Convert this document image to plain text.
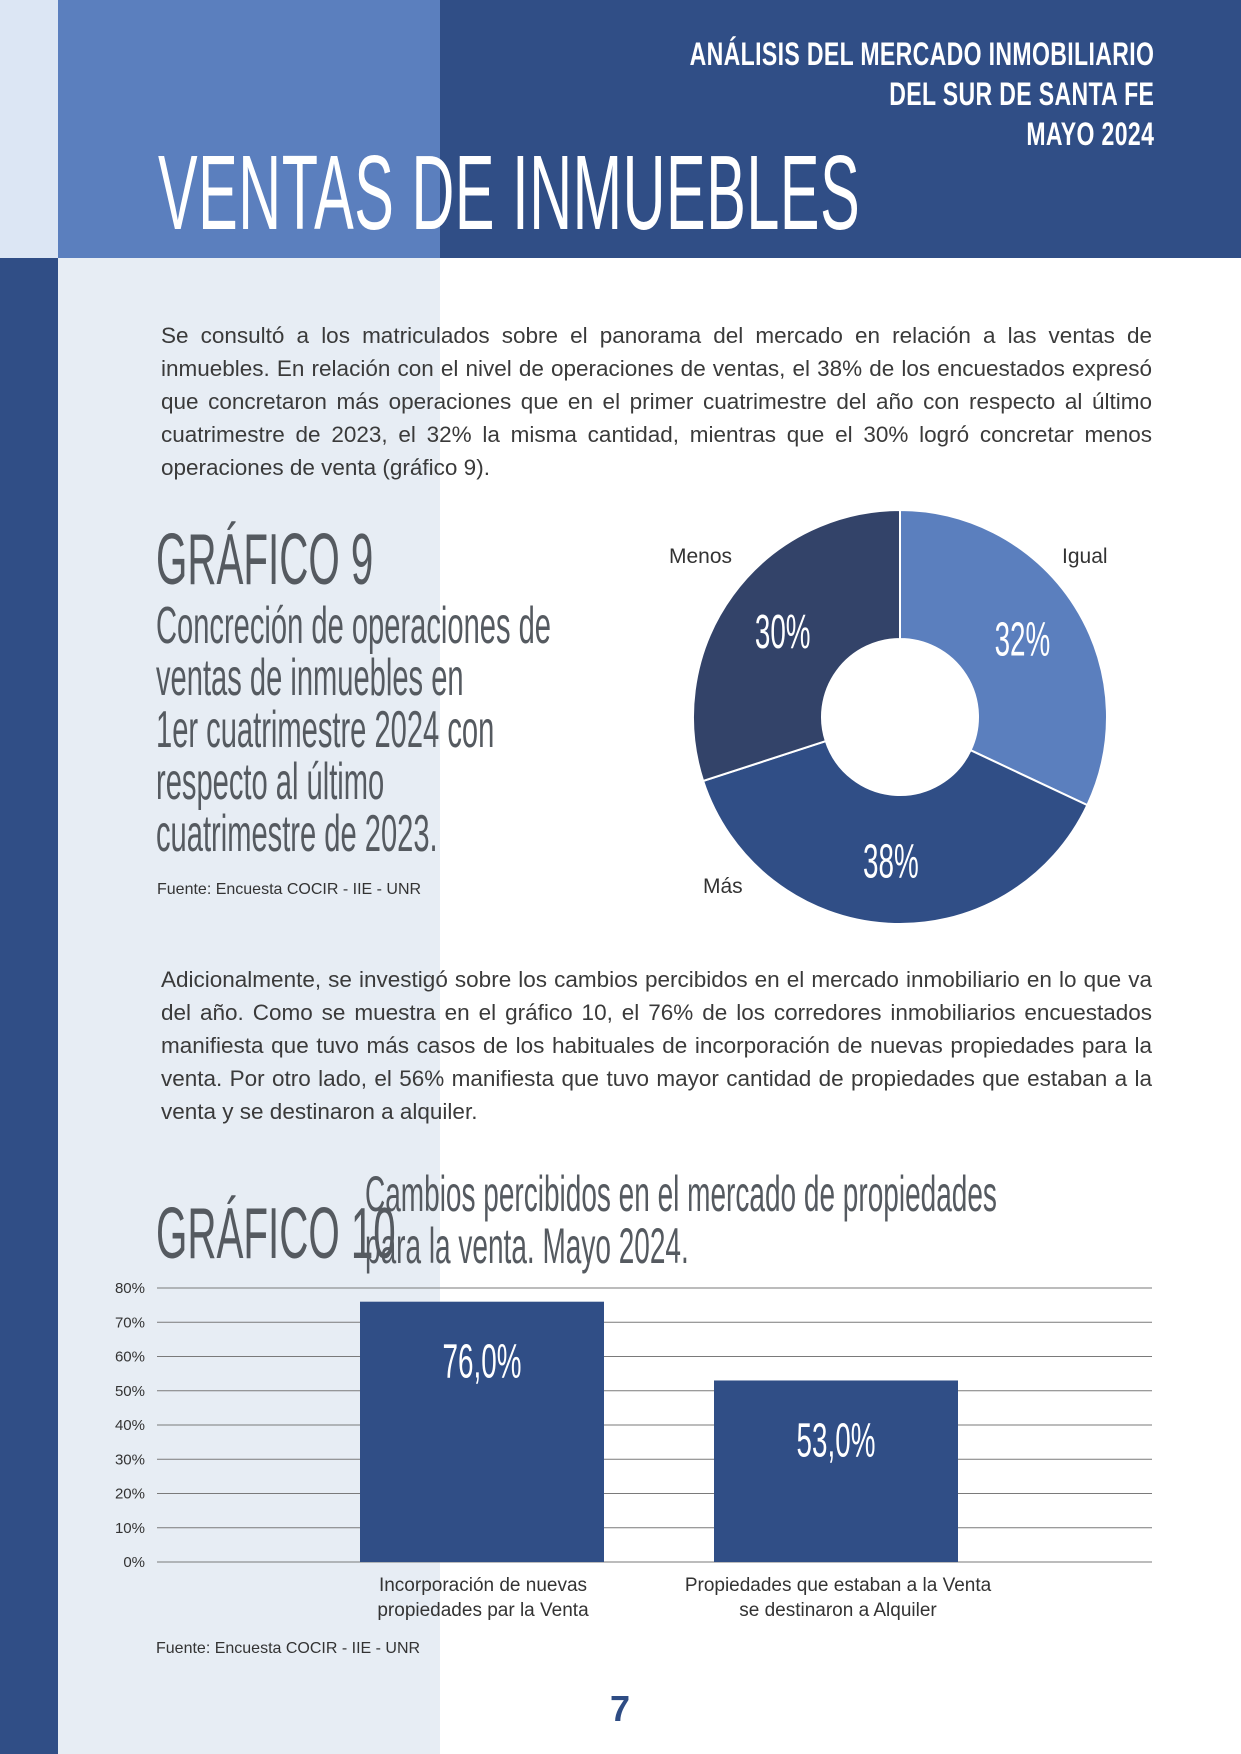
ANÁLISIS DEL MERCADO INMOBILIARIO
DEL SUR DE SANTA FE
MAYO 2024
VENTAS DE INMUEBLES

Se consultó a los matriculados sobre el panorama del mercado en relación a las ventas de inmuebles. En relación con el nivel de operaciones de ventas, el 38% de los encuestados expresó que concretaron más operaciones que en el primer cuatrimestre del año con respecto al último cuatrimestre de 2023, el 32% la misma cantidad, mientras que el 30% logró concretar menos operaciones de venta (gráfico 9).

GRÁFICO 9
Concreción de operaciones de
ventas de inmuebles en
1er cuatrimestre 2024 con
respecto al último
cuatrimestre de 2023.
Fuente: Encuesta COCIR - IIE - UNR
32%
38%
30%
Menos	Igual
Más

Adicionalmente, se investigó sobre los cambios percibidos en el mercado inmobiliario en lo que va del año. Como se muestra en el gráfico 10, el 76% de los corredores inmobiliarios encuestados manifiesta que tuvo más casos de los habituales de incorporación de nuevas propiedades para la venta. Por otro lado, el 56% manifiesta que tuvo mayor cantidad de propiedades que estaban a la venta y se destinaron a alquiler.

GRÁFICO 10
Cambios percibidos en el mercado de propiedades
para la venta. Mayo 2024.
0%
10%
20%
30%
40%
50%
60%
70%
80%
76,0%
53,0%
Incorporación de nuevas
propiedades par la Venta
Propiedades que estaban a la Venta
se destinaron a Alquiler
Fuente: Encuesta COCIR - IIE - UNR
7
